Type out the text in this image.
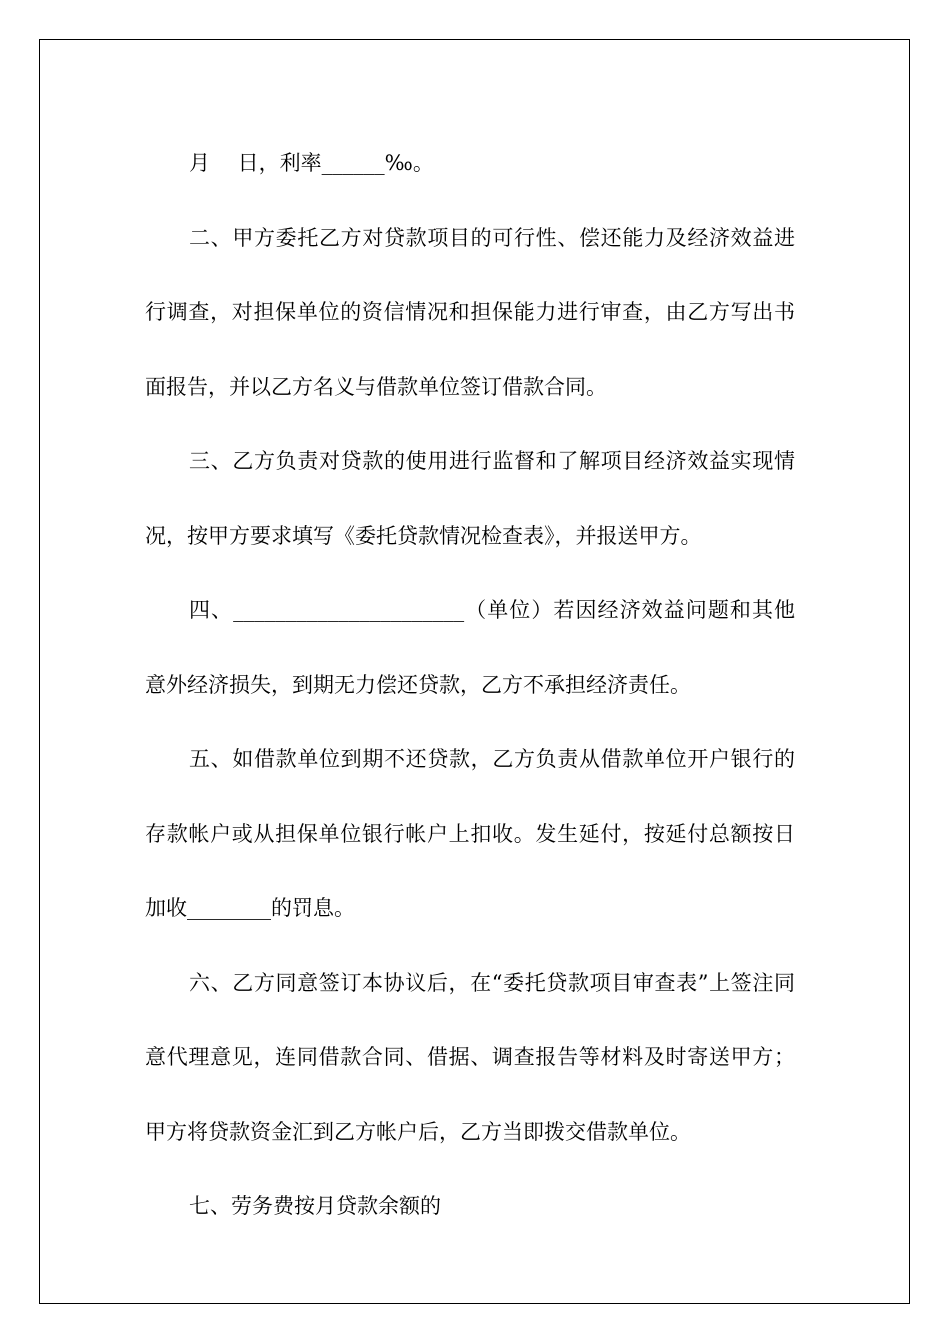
月　 日，利率______‰。

二、甲方委托乙方对贷款项目的可行性、偿还能力及经济效益进行调查，对担保单位的资信情况和担保能力进行审查，由乙方写出书面报告，并以乙方名义与借款单位签订借款合同。

三、乙方负责对贷款的使用进行监督和了解项目经济效益实现情况，按甲方要求填写《委托贷款情况检查表》，并报送甲方。

四、______________________（单位）若因经济效益问题和其他意外经济损失，到期无力偿还贷款，乙方不承担经济责任。

五、如借款单位到期不还贷款，乙方负责从借款单位开户银行的存款帐户或从担保单位银行帐户上扣收。发生延付，按延付总额按日加收________的罚息。

六、乙方同意签订本协议后，在“委托贷款项目审查表”上签注同意代理意见，连同借款合同、借据、调查报告等材料及时寄送甲方；甲方将贷款资金汇到乙方帐户后，乙方当即拨交借款单位。

七、劳务费按月贷款余额的
